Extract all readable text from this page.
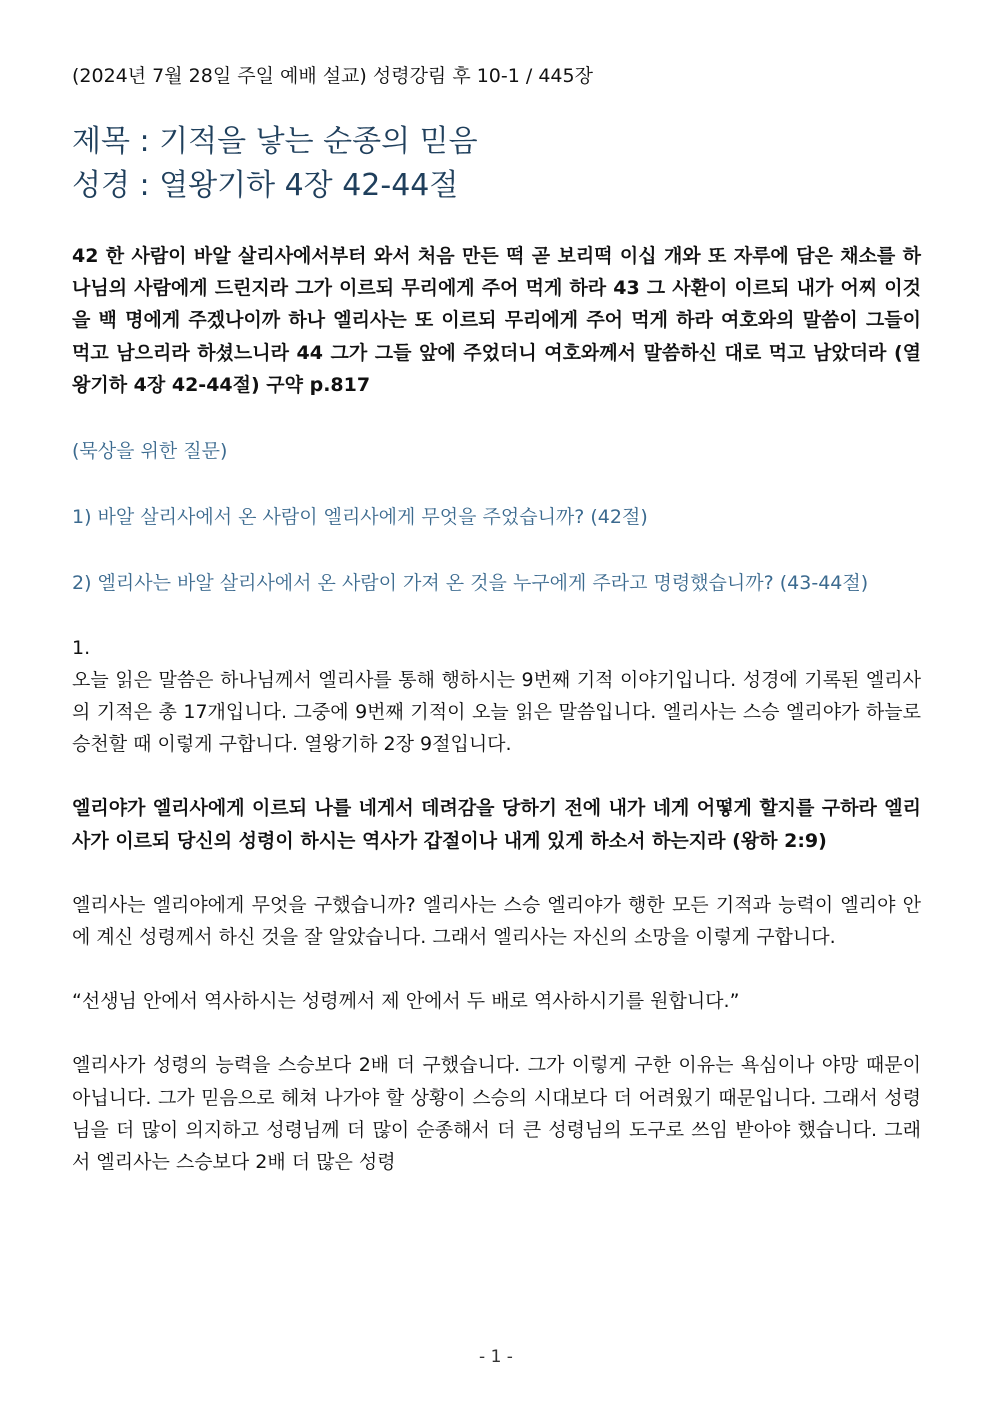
(2024년 7월 28일 주일 예배 설교) 성령강림 후 10-1 / 445장
제목 : 기적을 낳는 순종의 믿음
성경 : 열왕기하 4장 42-44절

42 한 사람이 바알 살리사에서부터 와서 처음 만든 떡 곧 보리떡 이십 개와 또 자루에 담은 채소를 하나님의 사람에게 드린지라 그가 이르되 무리에게 주어 먹게 하라 43 그 사환이 이르되 내가 어찌 이것을 백 명에게 주겠나이까 하나 엘리사는 또 이르되 무리에게 주어 먹게 하라 여호와의 말씀이 그들이 먹고 남으리라 하셨느니라 44 그가 그들 앞에 주었더니 여호와께서 말씀하신 대로 먹고 남았더라 (열왕기하 4장 42-44절) 구약 p.817

(묵상을 위한 질문)

1) 바알 살리사에서 온 사람이 엘리사에게 무엇을 주었습니까? (42절)

2) 엘리사는 바알 살리사에서 온 사람이 가져 온 것을 누구에게 주라고 명령했습니까? (43-44절)

1.

오늘 읽은 말씀은 하나님께서 엘리사를 통해 행하시는 9번째 기적 이야기입니다. 성경에 기록된 엘리사의 기적은 총 17개입니다. 그중에 9번째 기적이 오늘 읽은 말씀입니다. 엘리사는 스승 엘리야가 하늘로 승천할 때 이렇게 구합니다. 열왕기하 2장 9절입니다.

엘리야가 엘리사에게 이르되 나를 네게서 데려감을 당하기 전에 내가 네게 어떻게 할지를 구하라 엘리사가 이르되 당신의 성령이 하시는 역사가 갑절이나 내게 있게 하소서 하는지라 (왕하 2:9)

엘리사는 엘리야에게 무엇을 구했습니까? 엘리사는 스승 엘리야가 행한 모든 기적과 능력이 엘리야 안에 계신 성령께서 하신 것을 잘 알았습니다. 그래서 엘리사는 자신의 소망을 이렇게 구합니다.

“선생님 안에서 역사하시는 성령께서 제 안에서 두 배로 역사하시기를 원합니다.”

엘리사가 성령의 능력을 스승보다 2배 더 구했습니다. 그가 이렇게 구한 이유는 욕심이나 야망 때문이 아닙니다. 그가 믿음으로 헤쳐 나가야 할 상황이 스승의 시대보다 더 어려웠기 때문입니다. 그래서 성령님을 더 많이 의지하고 성령님께 더 많이 순종해서 더 큰 성령님의 도구로 쓰임 받아야 했습니다. 그래서 엘리사는 스승보다 2배 더 많은 성령

- 1 -
